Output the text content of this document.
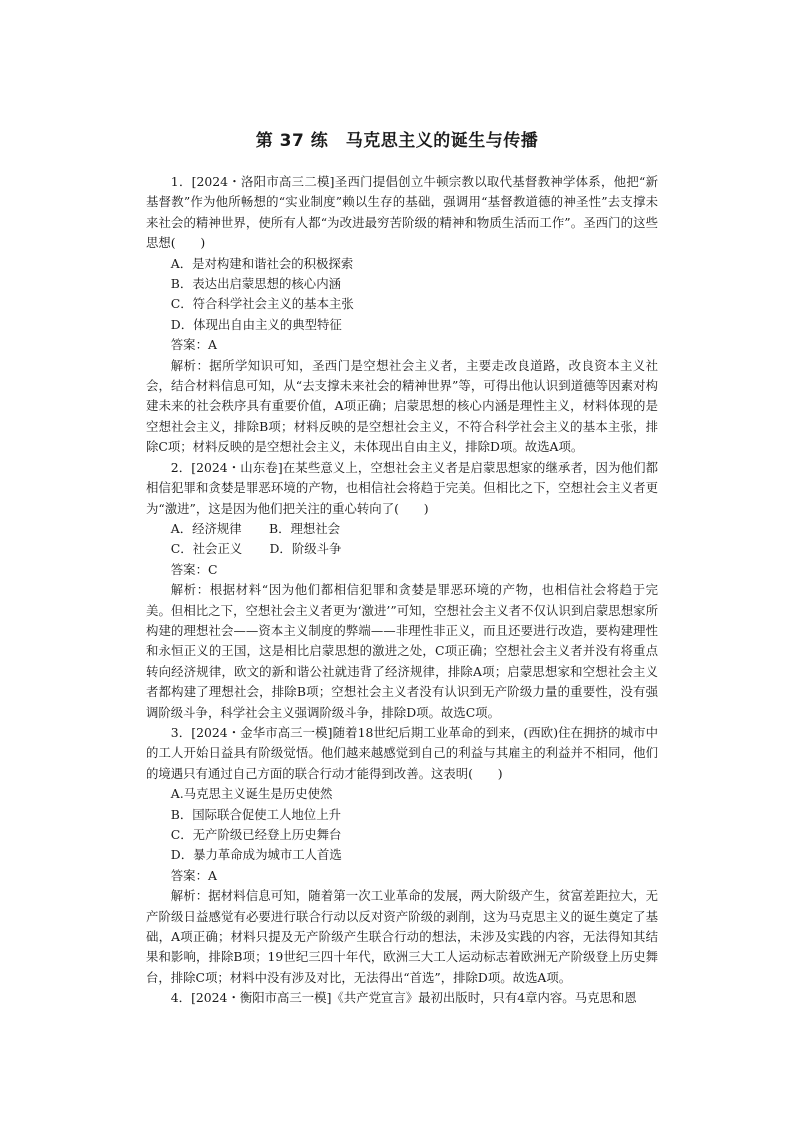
第 37 练　马克思主义的诞生与传播

1．[2024・洛阳市高三二模]圣西门提倡创立牛顿宗教以取代基督教神学体系，他把“新基督教”作为他所畅想的“实业制度”赖以生存的基础，强调用“基督教道德的神圣性”去支撑未来社会的精神世界，使所有人都“为改进最穷苦阶级的精神和物质生活而工作”。圣西门的这些思想(　　)

A．是对构建和谐社会的积极探索

B．表达出启蒙思想的核心内涵

C．符合科学社会主义的基本主张

D．体现出自由主义的典型特征

答案：A

解析：据所学知识可知，圣西门是空想社会主义者，主要走改良道路，改良资本主义社会，结合材料信息可知，从“去支撑未来社会的精神世界”等，可得出他认识到道德等因素对构建未来的社会秩序具有重要价值，A项正确；启蒙思想的核心内涵是理性主义，材料体现的是空想社会主义，排除B项；材料反映的是空想社会主义，不符合科学社会主义的基本主张，排除C项；材料反映的是空想社会主义，未体现出自由主义，排除D项。故选A项。

2．[2024・山东卷]在某些意义上，空想社会主义者是启蒙思想家的继承者，因为他们都相信犯罪和贪婪是罪恶环境的产物，也相信社会将趋于完美。但相比之下，空想社会主义者更为“激进”，这是因为他们把关注的重心转向了(　　)

A．经济规律 B．理想社会

C．社会正义 D．阶级斗争

答案：C

解析：根据材料“因为他们都相信犯罪和贪婪是罪恶环境的产物，也相信社会将趋于完美。但相比之下，空想社会主义者更为‘激进’”可知，空想社会主义者不仅认识到启蒙思想家所构建的理想社会——资本主义制度的弊端——非理性非正义，而且还要进行改造，要构建理性和永恒正义的王国，这是相比启蒙思想的激进之处，C项正确；空想社会主义者并没有将重点转向经济规律，欧文的新和谐公社就违背了经济规律，排除A项；启蒙思想家和空想社会主义者都构建了理想社会，排除B项；空想社会主义者没有认识到无产阶级力量的重要性，没有强调阶级斗争，科学社会主义强调阶级斗争，排除D项。故选C项。

3．[2024・金华市高三一模]随着18世纪后期工业革命的到来，(西欧)住在拥挤的城市中的工人开始日益具有阶级觉悟。他们越来越感觉到自己的利益与其雇主的利益并不相同，他们的境遇只有通过自己方面的联合行动才能得到改善。这表明(　　)

A.马克思主义诞生是历史使然

B．国际联合促使工人地位上升

C．无产阶级已经登上历史舞台

D．暴力革命成为城市工人首选

答案：A

解析：据材料信息可知，随着第一次工业革命的发展，两大阶级产生，贫富差距拉大，无产阶级日益感觉有必要进行联合行动以反对资产阶级的剥削，这为马克思主义的诞生奠定了基础，A项正确；材料只提及无产阶级产生联合行动的想法，未涉及实践的内容，无法得知其结果和影响，排除B项；19世纪三四十年代，欧洲三大工人运动标志着欧洲无产阶级登上历史舞台，排除C项；材料中没有涉及对比，无法得出“首选”，排除D项。故选A项。

4．[2024・衡阳市高三一模]《共产党宣言》最初出版时，只有4章内容。马克思和恩
